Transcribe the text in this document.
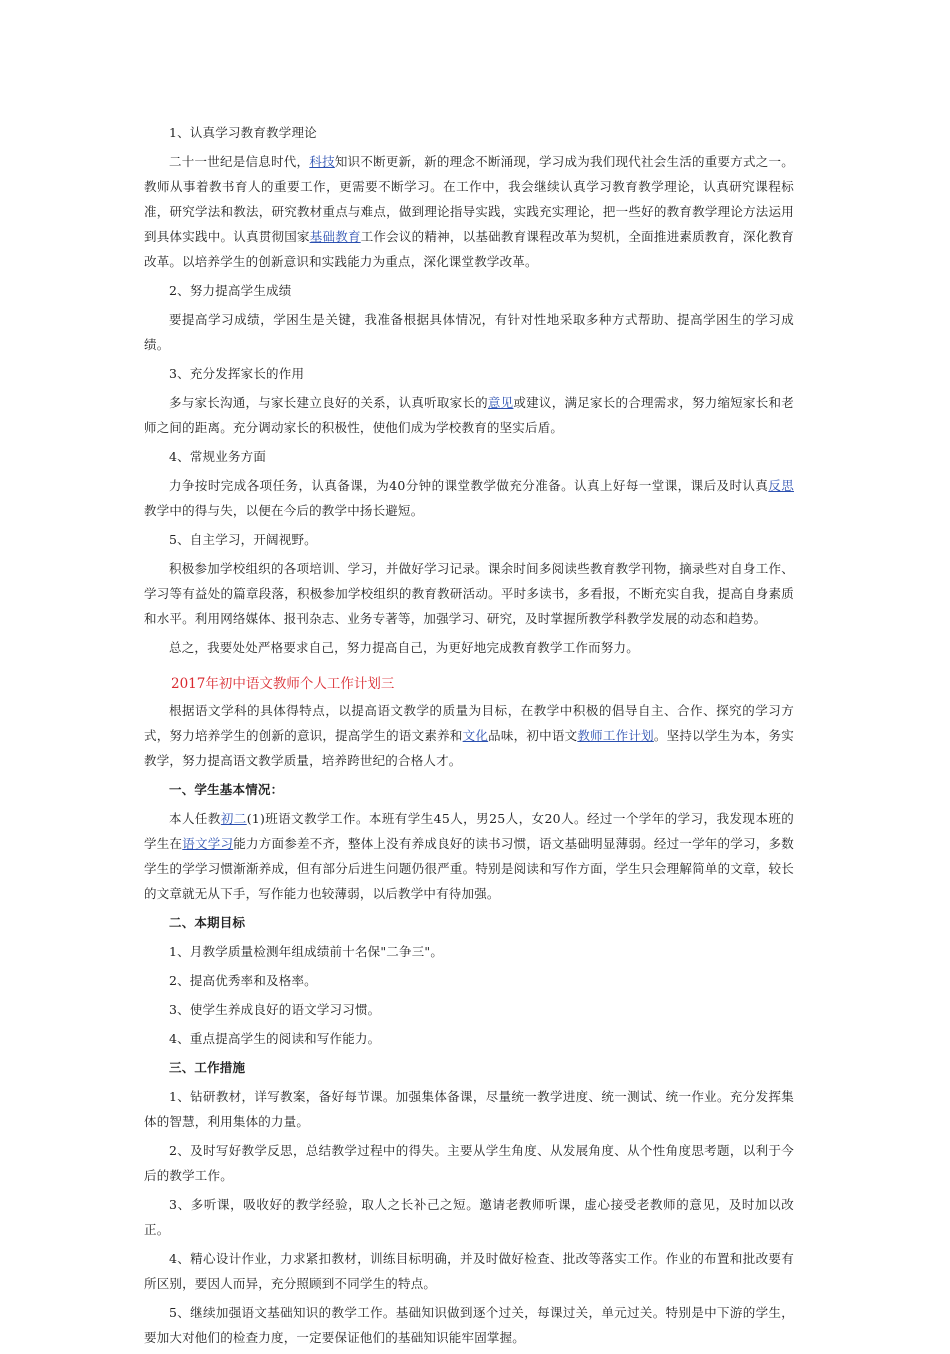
1、认真学习教育教学理论

二十一世纪是信息时代，科技知识不断更新，新的理念不断涌现，学习成为我们现代社会生活的重要方式之一。教师从事着教书育人的重要工作，更需要不断学习。在工作中，我会继续认真学习教育教学理论，认真研究课程标准，研究学法和教法，研究教材重点与难点，做到理论指导实践，实践充实理论，把一些好的教育教学理论方法运用到具体实践中。认真贯彻国家基础教育工作会议的精神，以基础教育课程改革为契机，全面推进素质教育，深化教育改革。以培养学生的创新意识和实践能力为重点，深化课堂教学改革。

2、努力提高学生成绩

要提高学习成绩，学困生是关键，我准备根据具体情况，有针对性地采取多种方式帮助、提高学困生的学习成绩。

3、充分发挥家长的作用

多与家长沟通，与家长建立良好的关系，认真听取家长的意见或建议，满足家长的合理需求，努力缩短家长和老师之间的距离。充分调动家长的积极性，使他们成为学校教育的坚实后盾。

4、常规业务方面

力争按时完成各项任务，认真备课，为40分钟的课堂教学做充分准备。认真上好每一堂课，课后及时认真反思教学中的得与失，以便在今后的教学中扬长避短。

5、自主学习，开阔视野。

积极参加学校组织的各项培训、学习，并做好学习记录。课余时间多阅读些教育教学刊物，摘录些对自身工作、学习等有益处的篇章段落，积极参加学校组织的教育教研活动。平时多读书，多看报，不断充实自我，提高自身素质和水平。利用网络媒体、报刊杂志、业务专著等，加强学习、研究，及时掌握所教学科教学发展的动态和趋势。

总之，我要处处严格要求自己，努力提高自己，为更好地完成教育教学工作而努力。

2017年初中语文教师个人工作计划三

根据语文学科的具体得特点，以提高语文教学的质量为目标，在教学中积极的倡导自主、合作、探究的学习方式，努力培养学生的创新的意识，提高学生的语文素养和文化品味，初中语文教师工作计划。坚持以学生为本，务实教学，努力提高语文教学质量，培养跨世纪的合格人才。

一、学生基本情况：

本人任教初二(1)班语文教学工作。本班有学生45人，男25人，女20人。经过一个学年的学习，我发现本班的学生在语文学习能力方面参差不齐，整体上没有养成良好的读书习惯，语文基础明显薄弱。经过一学年的学习，多数学生的学学习惯渐渐养成，但有部分后进生问题仍很严重。特别是阅读和写作方面，学生只会理解简单的文章，较长的文章就无从下手，写作能力也较薄弱，以后教学中有待加强。

二、本期目标

1、月教学质量检测年组成绩前十名保"二争三"。

2、提高优秀率和及格率。

3、使学生养成良好的语文学习习惯。

4、重点提高学生的阅读和写作能力。

三、工作措施

1、钻研教材，详写教案，备好每节课。加强集体备课，尽量统一教学进度、统一测试、统一作业。充分发挥集体的智慧，利用集体的力量。

2、及时写好教学反思，总结教学过程中的得失。主要从学生角度、从发展角度、从个性角度思考题，以利于今后的教学工作。

3、多听课，吸收好的教学经验，取人之长补己之短。邀请老教师听课，虚心接受老教师的意见，及时加以改正。

4、精心设计作业，力求紧扣教材，训练目标明确，并及时做好检查、批改等落实工作。作业的布置和批改要有所区别，要因人而异，充分照顾到不同学生的特点。

5、继续加强语文基础知识的教学工作。基础知识做到逐个过关，每课过关，单元过关。特别是中下游的学生，要加大对他们的检查力度，一定要保证他们的基础知识能牢固掌握。
